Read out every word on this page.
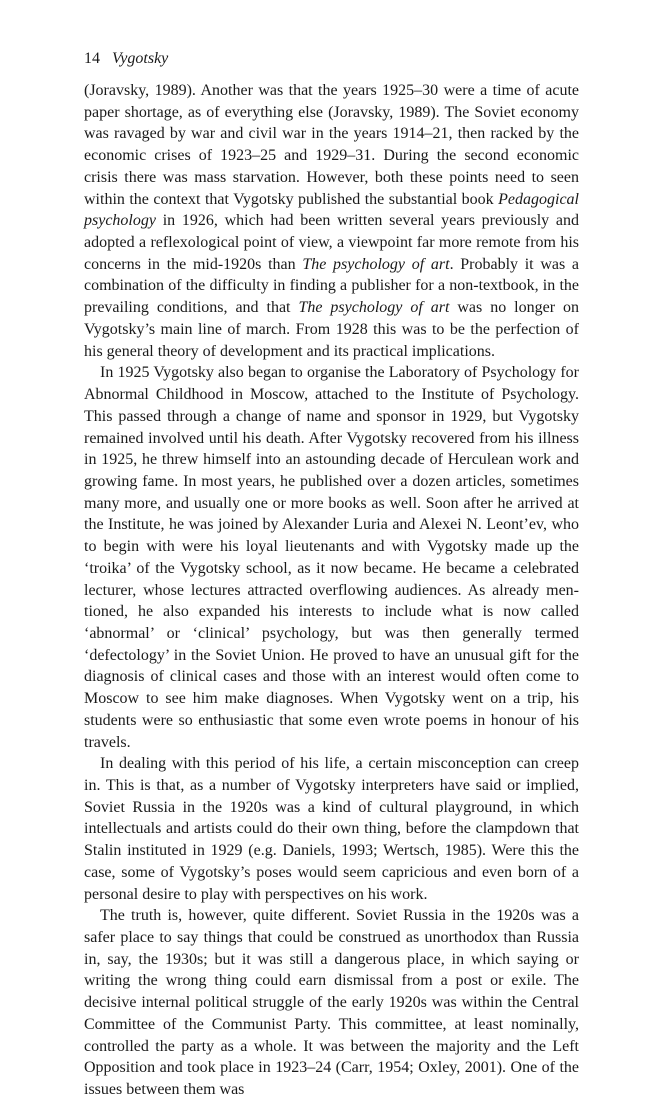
14 Vygotsky

(Joravsky, 1989). Another was that the years 1925–30 were a time of acute paper shortage, as of everything else (Joravsky, 1989). The Soviet economy was ravaged by war and civil war in the years 1914–21, then racked by the economic crises of 1923–25 and 1929–31. During the second economic crisis there was mass starvation. However, both these points need to seen within the context that Vygotsky published the substantial book Pedagogical psychology in 1926, which had been written several years previously and adopted a reflexological point of view, a viewpoint far more remote from his concerns in the mid-1920s than The psychology of art. Probably it was a combination of the difficulty in finding a publisher for a non-textbook, in the prevailing conditions, and that The psychology of art was no longer on Vygotsky’s main line of march. From 1928 this was to be the perfection of his general theory of development and its practical implications.

In 1925 Vygotsky also began to organise the Laboratory of Psychology for Abnormal Childhood in Moscow, attached to the Institute of Psychology. This passed through a change of name and sponsor in 1929, but Vygotsky remained involved until his death. After Vygotsky recovered from his illness in 1925, he threw himself into an astounding decade of Herculean work and growing fame. In most years, he published over a dozen articles, sometimes many more, and usually one or more books as well. Soon after he arrived at the Institute, he was joined by Alexander Luria and Alexei N. Leont’ev, who to begin with were his loyal lieutenants and with Vygotsky made up the ‘troika’ of the Vygotsky school, as it now became. He became a celebrated lecturer, whose lectures attracted overflowing audiences. As already mentioned, he also expanded his interests to include what is now called ‘abnormal’ or ‘clinical’ psychology, but was then generally termed ‘defectology’ in the Soviet Union. He proved to have an unusual gift for the diagnosis of clinical cases and those with an interest would often come to Moscow to see him make diagnoses. When Vygotsky went on a trip, his students were so enthusiastic that some even wrote poems in honour of his travels.

In dealing with this period of his life, a certain misconception can creep in. This is that, as a number of Vygotsky interpreters have said or implied, Soviet Russia in the 1920s was a kind of cultural playground, in which intellectuals and artists could do their own thing, before the clampdown that Stalin instituted in 1929 (e.g. Daniels, 1993; Wertsch, 1985). Were this the case, some of Vygotsky’s poses would seem capricious and even born of a personal desire to play with perspectives on his work.

The truth is, however, quite different. Soviet Russia in the 1920s was a safer place to say things that could be construed as unorthodox than Russia in, say, the 1930s; but it was still a dangerous place, in which saying or writing the wrong thing could earn dismissal from a post or exile. The decisive internal political struggle of the early 1920s was within the Central Committee of the Communist Party. This committee, at least nominally, controlled the party as a whole. It was between the majority and the Left Opposition and took place in 1923–24 (Carr, 1954; Oxley, 2001). One of the issues between them was
